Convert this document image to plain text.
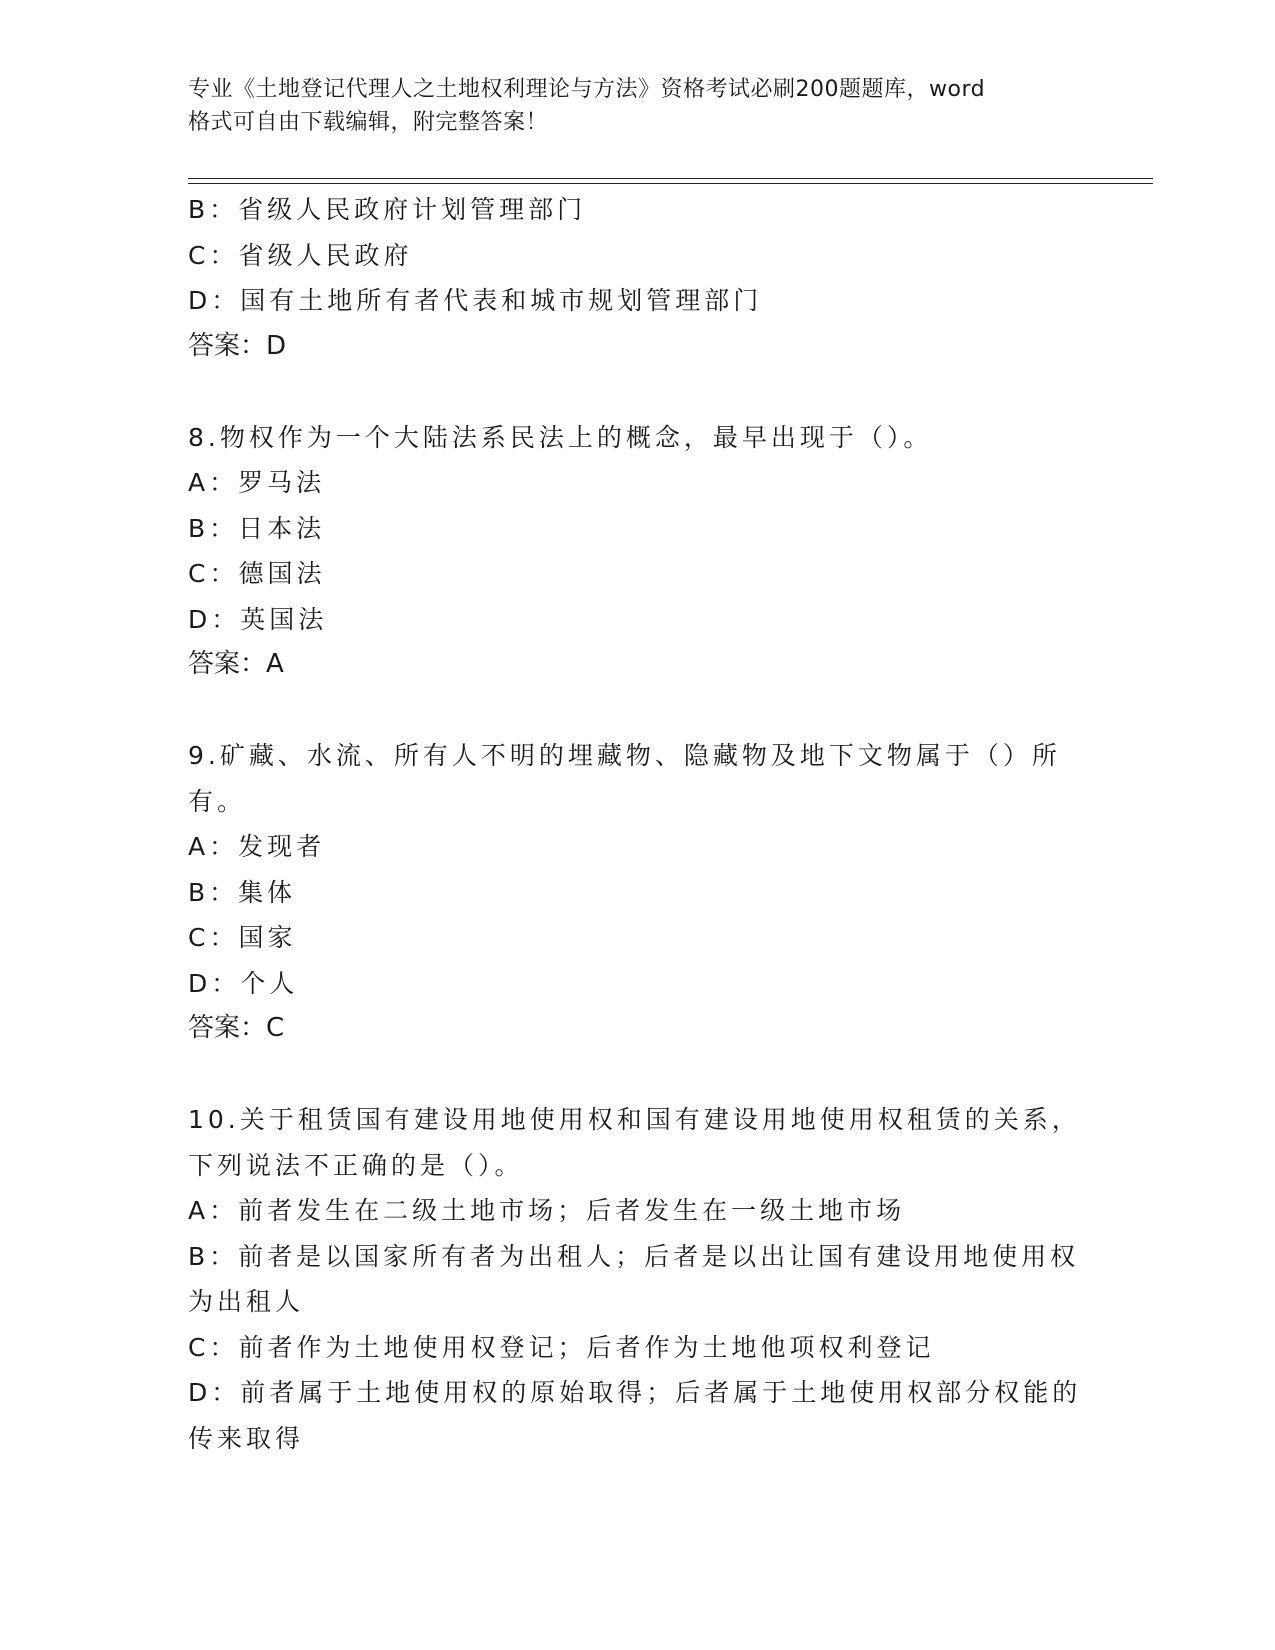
专业《土地登记代理人之土地权利理论与方法》资格考试必刷200题题库，word
格式可自由下载编辑，附完整答案！
B：省级人民政府计划管理部门
C：省级人民政府
D：国有土地所有者代表和城市规划管理部门
答案：D
8.物权作为一个大陆法系民法上的概念，最早出现于（）。
A：罗马法
B：日本法
C：德国法
D：英国法
答案：A
9.矿藏、水流、所有人不明的埋藏物、隐藏物及地下文物属于（）所
有。
A：发现者
B：集体
C：国家
D：个人
答案：C
10.关于租赁国有建设用地使用权和国有建设用地使用权租赁的关系，
下列说法不正确的是（）。
A：前者发生在二级土地市场；后者发生在一级土地市场
B：前者是以国家所有者为出租人；后者是以出让国有建设用地使用权
为出租人
C：前者作为土地使用权登记；后者作为土地他项权利登记
D：前者属于土地使用权的原始取得；后者属于土地使用权部分权能的
传来取得
